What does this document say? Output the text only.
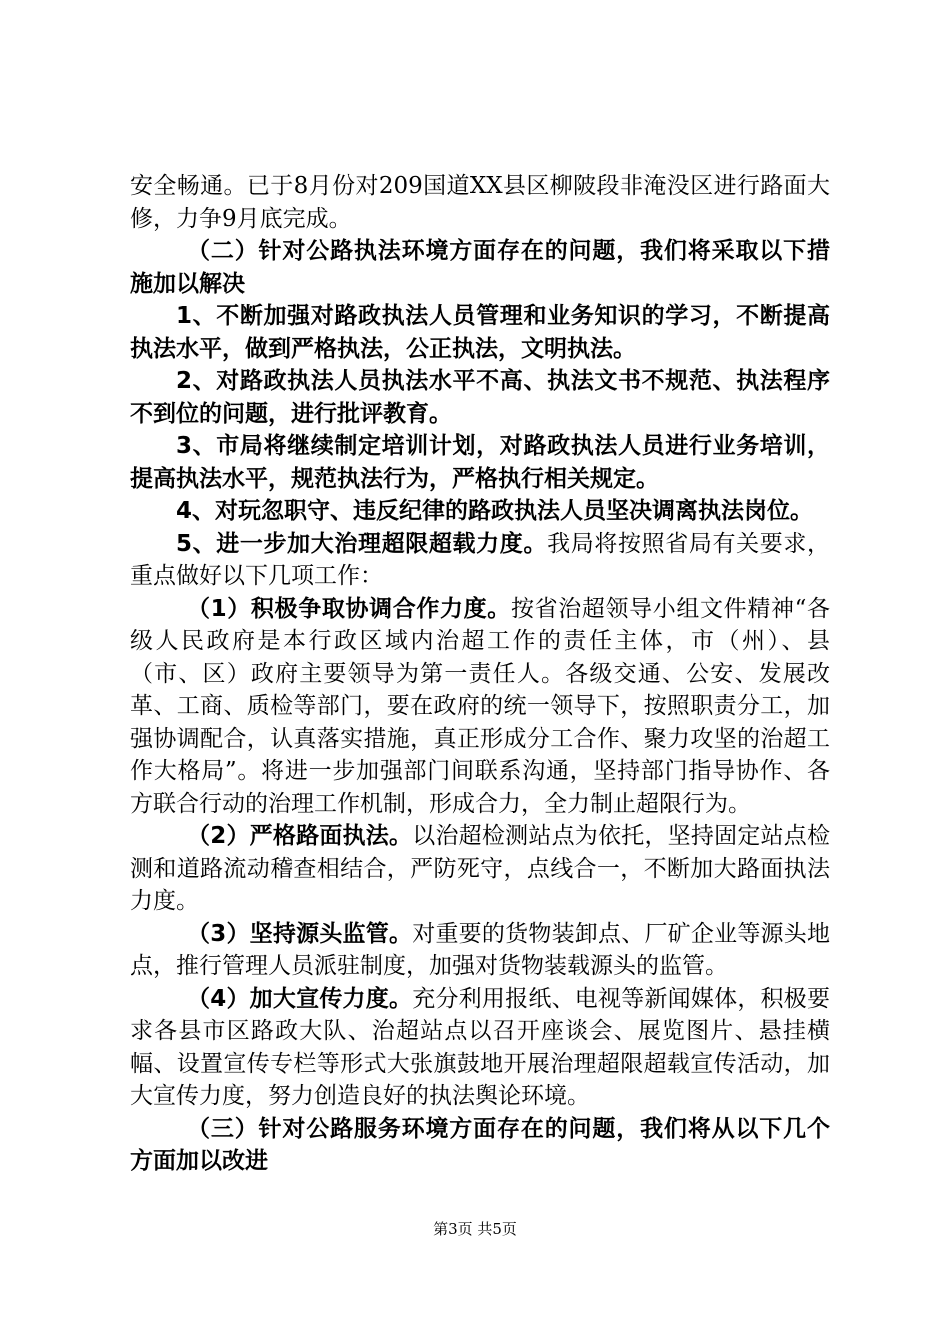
安全畅通。已于8月份对209国道XX县区柳陂段非淹没区进行路面大修，力争9月底完成。

（二）针对公路执法环境方面存在的问题，我们将采取以下措施加以解决

1、不断加强对路政执法人员管理和业务知识的学习，不断提高执法水平，做到严格执法，公正执法，文明执法。

2、对路政执法人员执法水平不高、执法文书不规范、执法程序不到位的问题，进行批评教育。

3、市局将继续制定培训计划，对路政执法人员进行业务培训，提高执法水平，规范执法行为，严格执行相关规定。

4、对玩忽职守、违反纪律的路政执法人员坚决调离执法岗位。

5、进一步加大治理超限超载力度。我局将按照省局有关要求，重点做好以下几项工作：

（1）积极争取协调合作力度。按省治超领导小组文件精神“各级人民政府是本行政区域内治超工作的责任主体，市（州）、县（市、区）政府主要领导为第一责任人。各级交通、公安、发展改革、工商、质检等部门，要在政府的统一领导下，按照职责分工，加强协调配合，认真落实措施，真正形成分工合作、聚力攻坚的治超工作大格局”。将进一步加强部门间联系沟通，坚持部门指导协作、各方联合行动的治理工作机制，形成合力，全力制止超限行为。

（2）严格路面执法。以治超检测站点为依托，坚持固定站点检测和道路流动稽查相结合，严防死守，点线合一，不断加大路面执法力度。

（3）坚持源头监管。对重要的货物装卸点、厂矿企业等源头地点，推行管理人员派驻制度，加强对货物装载源头的监管。

（4）加大宣传力度。充分利用报纸、电视等新闻媒体，积极要求各县市区路政大队、治超站点以召开座谈会、展览图片、悬挂横幅、设置宣传专栏等形式大张旗鼓地开展治理超限超载宣传活动，加大宣传力度，努力创造良好的执法舆论环境。

（三）针对公路服务环境方面存在的问题，我们将从以下几个方面加以改进

第3页 共5页
